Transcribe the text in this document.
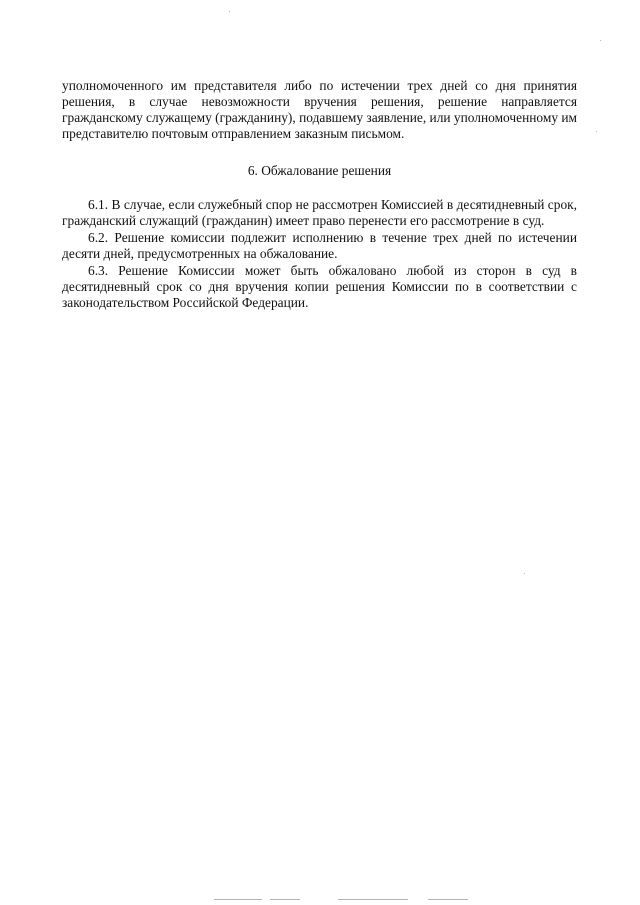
уполномоченного им представителя либо по истечении трех дней со дня принятия решения, в случае невозможности вручения решения, решение направляется гражданскому служащему (гражданину), подавшему заявление, или уполномоченному им представителю почтовым отправлением заказным письмом.

6. Обжалование решения

6.1. В случае, если служебный спор не рассмотрен Комиссией в десятидневный срок, гражданский служащий (гражданин) имеет право перенести его рассмотрение в суд.

6.2. Решение комиссии подлежит исполнению в течение трех дней по истечении десяти дней, предусмотренных на обжалование.

6.3. Решение Комиссии может быть обжаловано любой из сторон в суд в десятидневный срок со дня вручения копии решения Комиссии по в соответствии с законодательством Российской Федерации.
